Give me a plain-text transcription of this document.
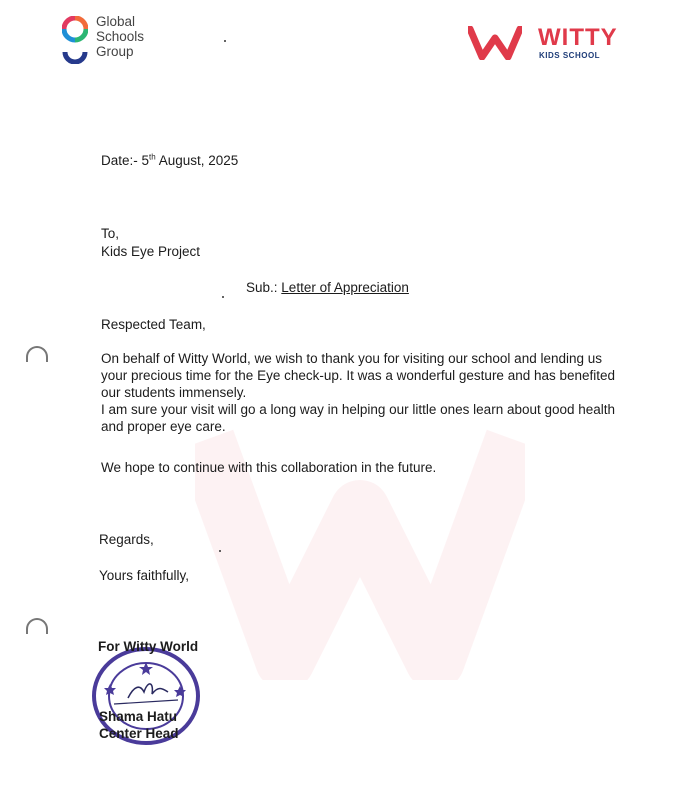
Global
Schools
Group
WITTY
KIDS SCHOOL
Date:- 5th August, 2025
To,
Kids Eye Project
Sub.: Letter of Appreciation
Respected Team,
On behalf of Witty World, we wish to thank you for visiting our school and lending us
your precious time for the Eye check-up. It was a wonderful gesture and has benefited
our students immensely.
I am sure your visit will go a long way in helping our little ones learn about good health
and proper eye care.
We hope to continue with this collaboration in the future.
Regards,
Yours faithfully,
For Witty World
Shama Hatu
Center Head
